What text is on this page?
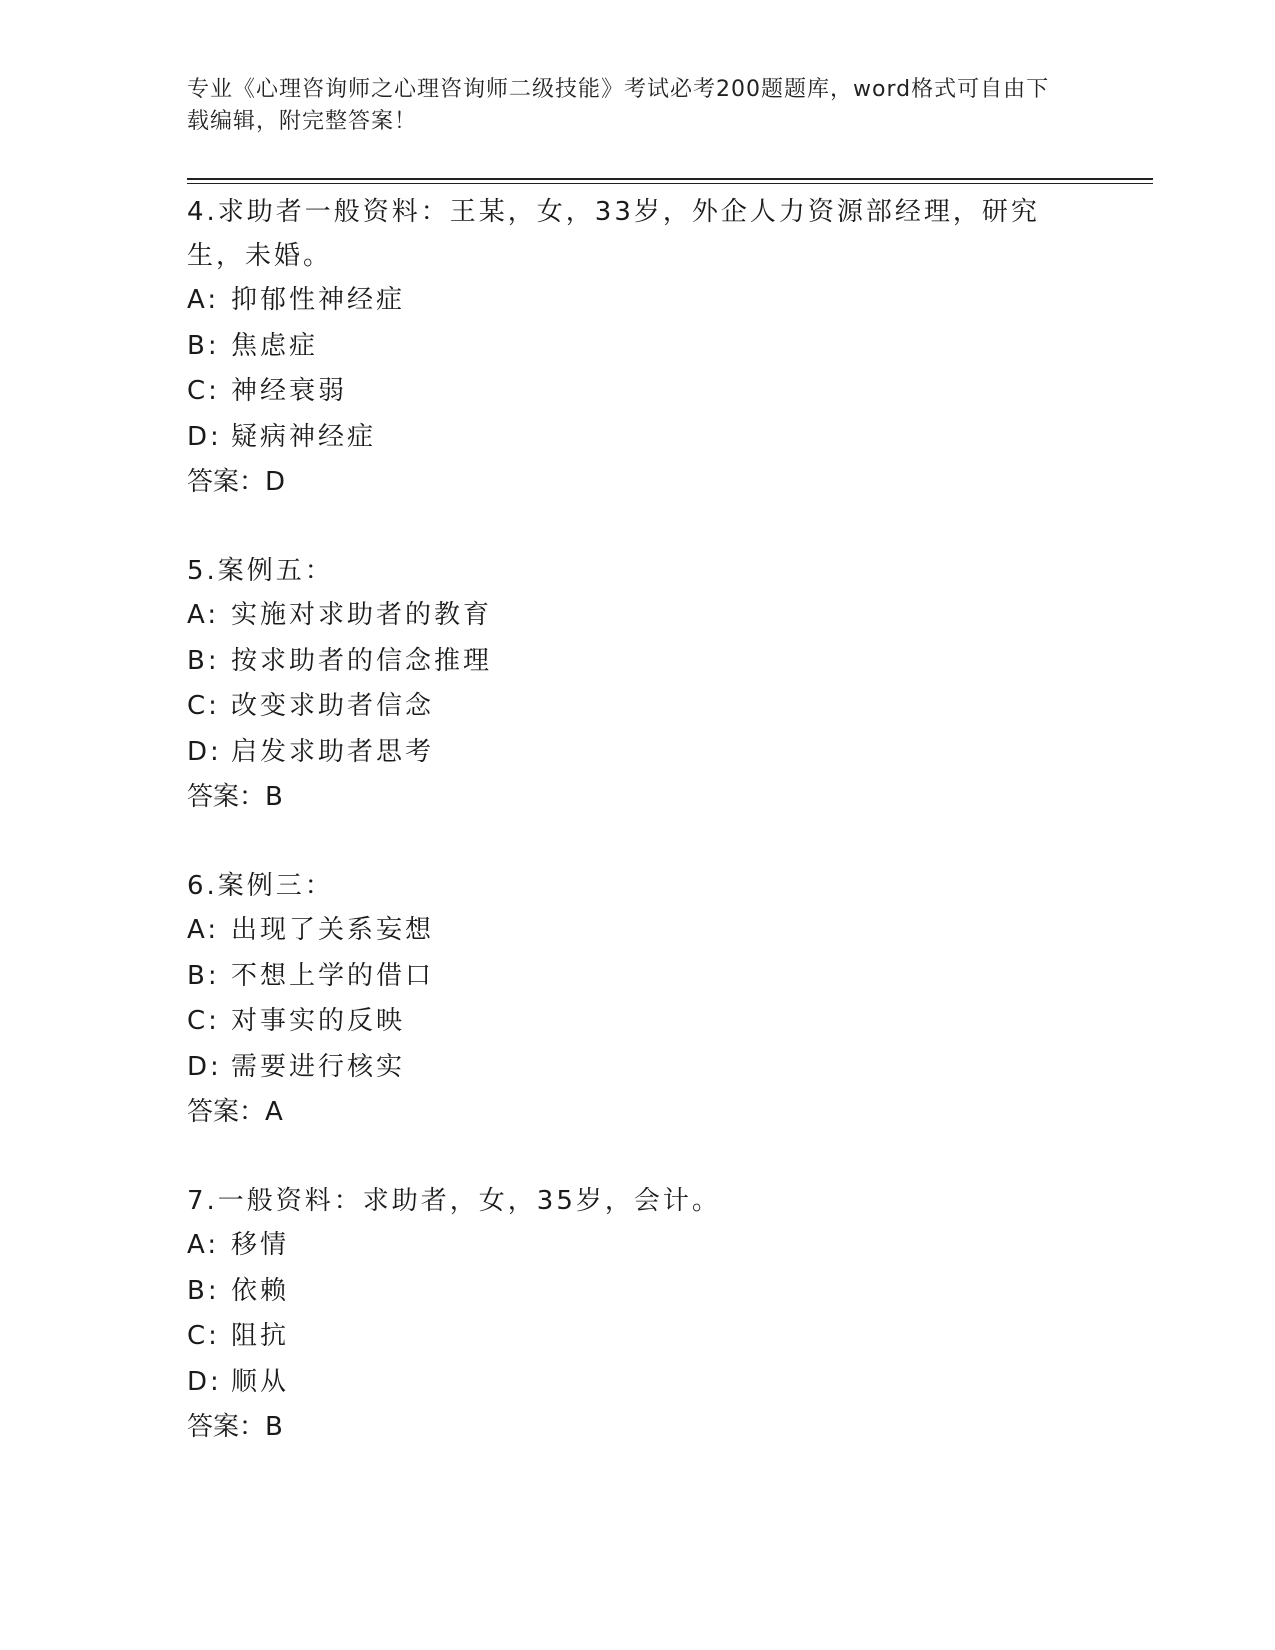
专业《心理咨询师之心理咨询师二级技能》考试必考200题题库，word格式可自由下载编辑，附完整答案！
4.求助者一般资料：王某，女，33岁，外企人力资源部经理，研究生，未婚。
A: 抑郁性神经症
B: 焦虑症
C: 神经衰弱
D: 疑病神经症
答案：D
5.案例五：
A: 实施对求助者的教育
B: 按求助者的信念推理
C: 改变求助者信念
D: 启发求助者思考
答案：B
6.案例三：
A: 出现了关系妄想
B: 不想上学的借口
C: 对事实的反映
D: 需要进行核实
答案：A
7.一般资料：求助者，女，35岁，会计。
A: 移情
B: 依赖
C: 阻抗
D: 顺从
答案：B
